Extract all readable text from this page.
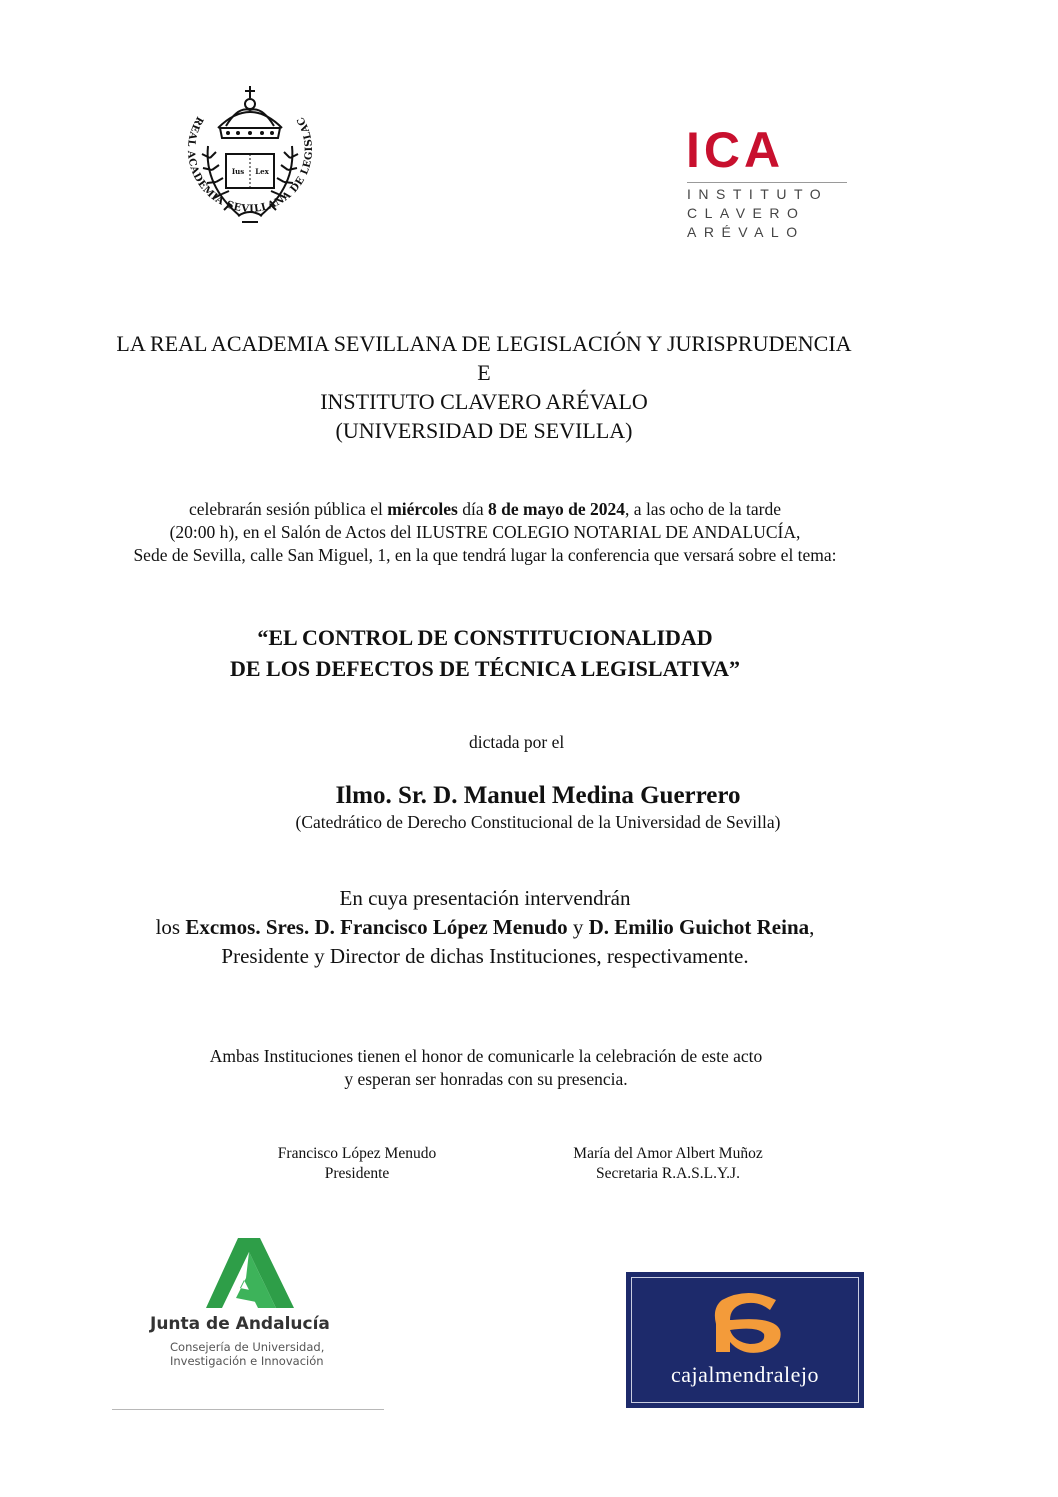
Ius Lex
REAL ACADEMIA SEVILLANA DE LEGISLAC
ICA
INSTITUTO
CLAVERO
ARÉVALO
LA REAL ACADEMIA SEVILLANA DE LEGISLACIÓN Y JURISPRUDENCIA
E
INSTITUTO CLAVERO ARÉVALO
(UNIVERSIDAD DE SEVILLA)
celebrarán sesión pública el miércoles día 8 de mayo de 2024, a las ocho de la tarde
(20:00 h), en el Salón de Actos del ILUSTRE COLEGIO NOTARIAL DE ANDALUCÍA,
Sede de Sevilla, calle San Miguel, 1, en la que tendrá lugar la conferencia que versará sobre el tema:
“EL CONTROL DE CONSTITUCIONALIDAD
DE LOS DEFECTOS DE TÉCNICA LEGISLATIVA”
dictada por el
Ilmo. Sr. D. Manuel Medina Guerrero
(Catedrático de Derecho Constitucional de la Universidad de Sevilla)
En cuya presentación intervendrán
los Excmos. Sres. D. Francisco López Menudo y D. Emilio Guichot Reina,
Presidente y Director de dichas Instituciones, respectivamente.
Ambas Instituciones tienen el honor de comunicarle la celebración de este acto
y esperan ser honradas con su presencia.
Francisco López Menudo
Presidente
María del Amor Albert Muñoz
Secretaria R.A.S.L.Y.J.
Junta de Andalucía
Consejería de Universidad,
Investigación e Innovación
cajalmendralejo
